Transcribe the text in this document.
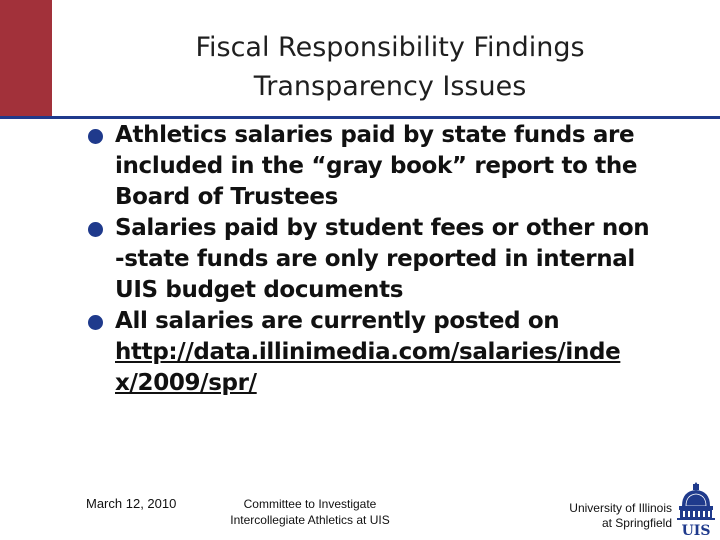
Fiscal Responsibility Findings
Transparency Issues
Athletics salaries paid by state funds are
included in the “gray book” report to the
Board of Trustees
Salaries paid by student fees or other non
-state funds are only reported in internal
UIS budget documents
All salaries are currently posted on
http://data.illinimedia.com/salaries/inde
x/2009/spr/
March 12, 2010	Committee to Investigate
Intercollegiate Athletics at UIS
University of Illinois
at Springfield UIS
